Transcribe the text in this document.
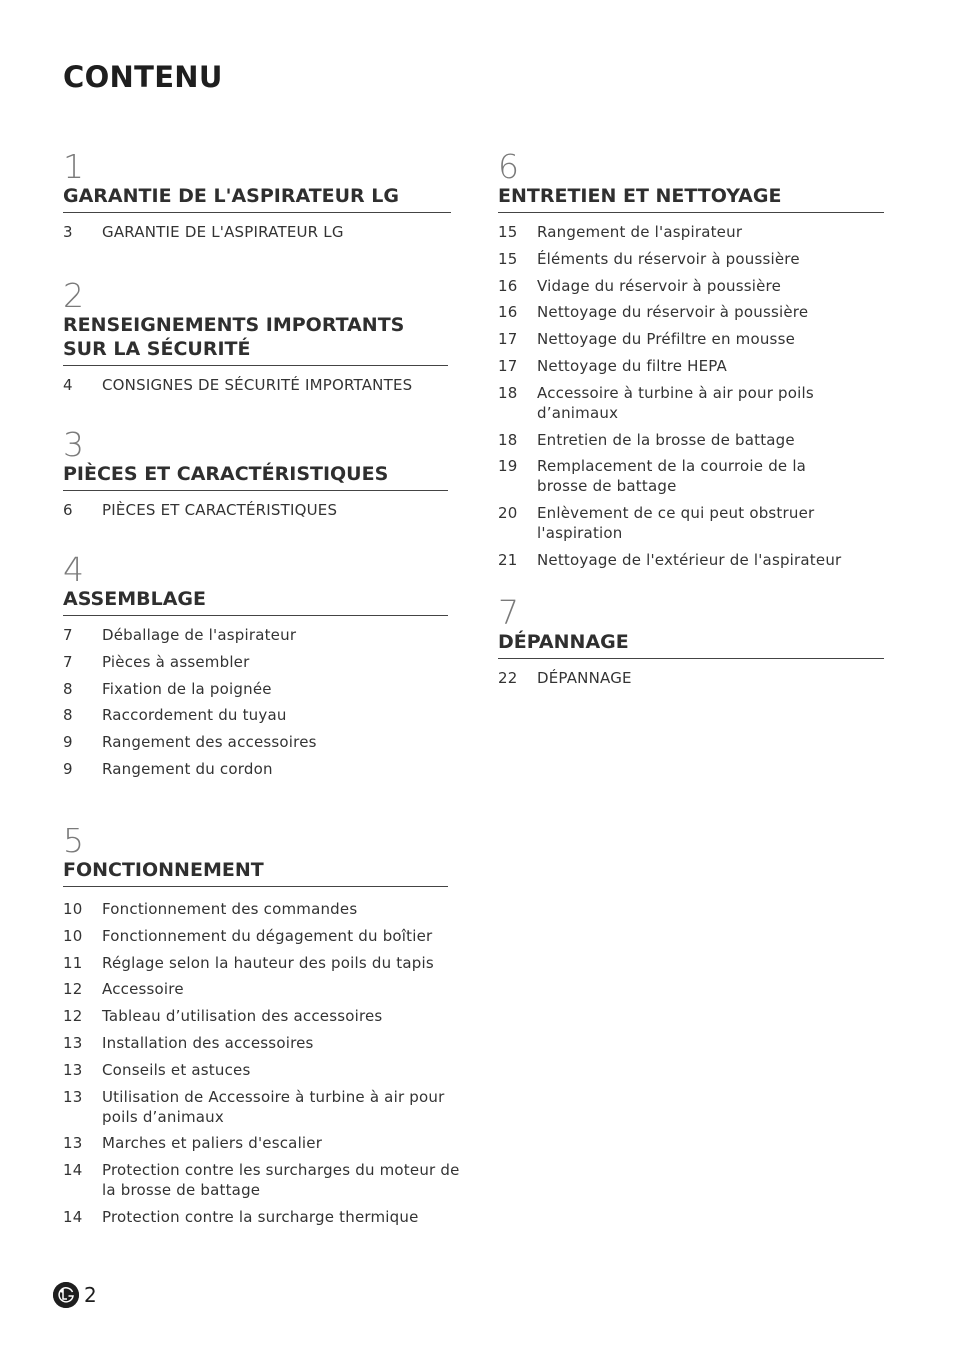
CONTENU
1
GARANTIE DE L'ASPIRATEUR LG
3	GARANTIE DE L'ASPIRATEUR LG
2
RENSEIGNEMENTS IMPORTANTS SUR LA SÉCURITÉ
4	CONSIGNES DE SÉCURITÉ IMPORTANTES
3
PIÈCES ET CARACTÉRISTIQUES
6	PIÈCES ET CARACTÉRISTIQUES
4
ASSEMBLAGE
7	Déballage de l'aspirateur
7	Pièces à assembler
8	Fixation de la poignée
8	Raccordement du tuyau
9	Rangement des accessoires
9	Rangement du cordon
5
FONCTIONNEMENT
10	Fonctionnement des commandes
10	Fonctionnement du dégagement du boîtier
11	Réglage selon la hauteur des poils du tapis
12	Accessoire
12	Tableau d’utilisation des accessoires
13	Installation des accessoires
13	Conseils et astuces
13	Utilisation de Accessoire à turbine à air pour poils d’animaux
13	Marches et paliers d'escalier
14	Protection contre les surcharges du moteur de la brosse de battage
14	Protection contre la surcharge thermique
6
ENTRETIEN ET NETTOYAGE
15	Rangement de l'aspirateur
15	Éléments du réservoir à poussière
16	Vidage du réservoir à poussière
16	Nettoyage du réservoir à poussière
17	Nettoyage du Préfiltre en mousse
17	Nettoyage du filtre HEPA
18	Accessoire à turbine à air pour poils d’animaux
18	Entretien de la brosse de battage
19	Remplacement de la courroie de la brosse de battage
20	Enlèvement de ce qui peut obstruer l'aspiration
21	Nettoyage de l'extérieur de l'aspirateur
7
DÉPANNAGE
22	DÉPANNAGE
2
